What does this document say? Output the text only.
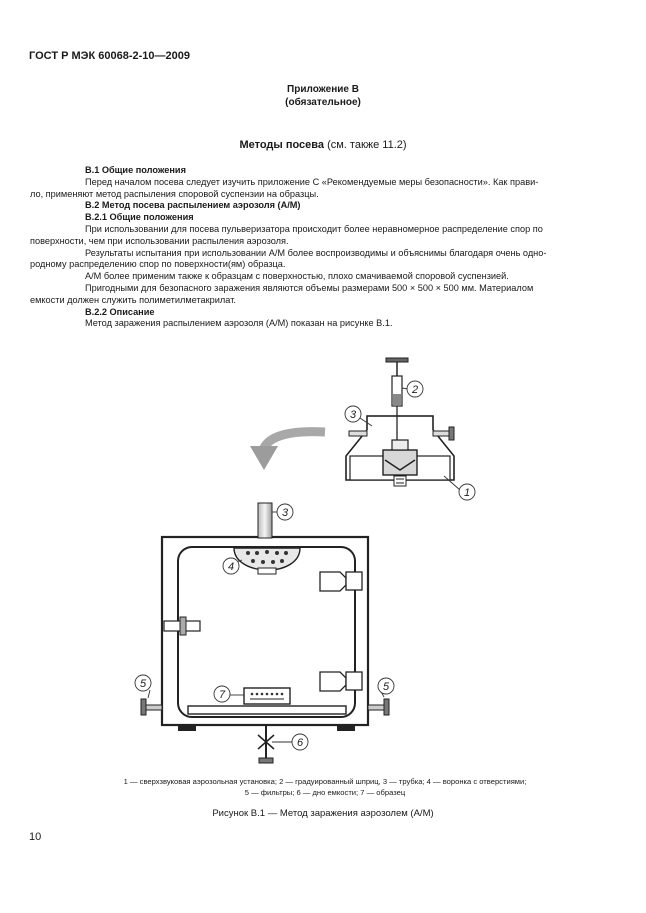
ГОСТ Р МЭК 60068-2-10—2009
Приложение В
(обязательное)
Методы посева (см. также 11.2)

В.1 Общие положения

Перед началом посева следует изучить приложение С «Рекомендуемые меры безопасности». Как прави-

ло, применяют метод распыления споровой суспензии на образцы.

В.2 Метод посева распылением аэрозоля (А/М)

В.2.1 Общие положения

При использовании для посева пульверизатора происходит более неравномерное распределение спор по

поверхности, чем при использовании распыления аэрозоля.

Результаты испытания при использовании А/М более воспроизводимы и объяснимы благодаря очень одно-

родному распределению спор по поверхности(ям) образца.

А/М более применим также к образцам с поверхностью, плохо смачиваемой споровой суспензией.

Пригодными для безопасного заражения являются объемы размерами 500 × 500 × 500 мм. Материалом

емкости должен служить полиметилметакрилат.

В.2.2 Описание

Метод заражения распылением аэрозоля (А/М) показан на рисунке В.1.

2
3
1
3
4
5	5
7
6
1 — сверхзвуковая аэрозольная установка; 2 — градуированный шприц, 3 — трубка; 4 — воронка с отверстиями;
5 — фильтры; 6 — дно емкости; 7 — образец
Рисунок В.1 — Метод заражения аэрозолем (А/М)
10
